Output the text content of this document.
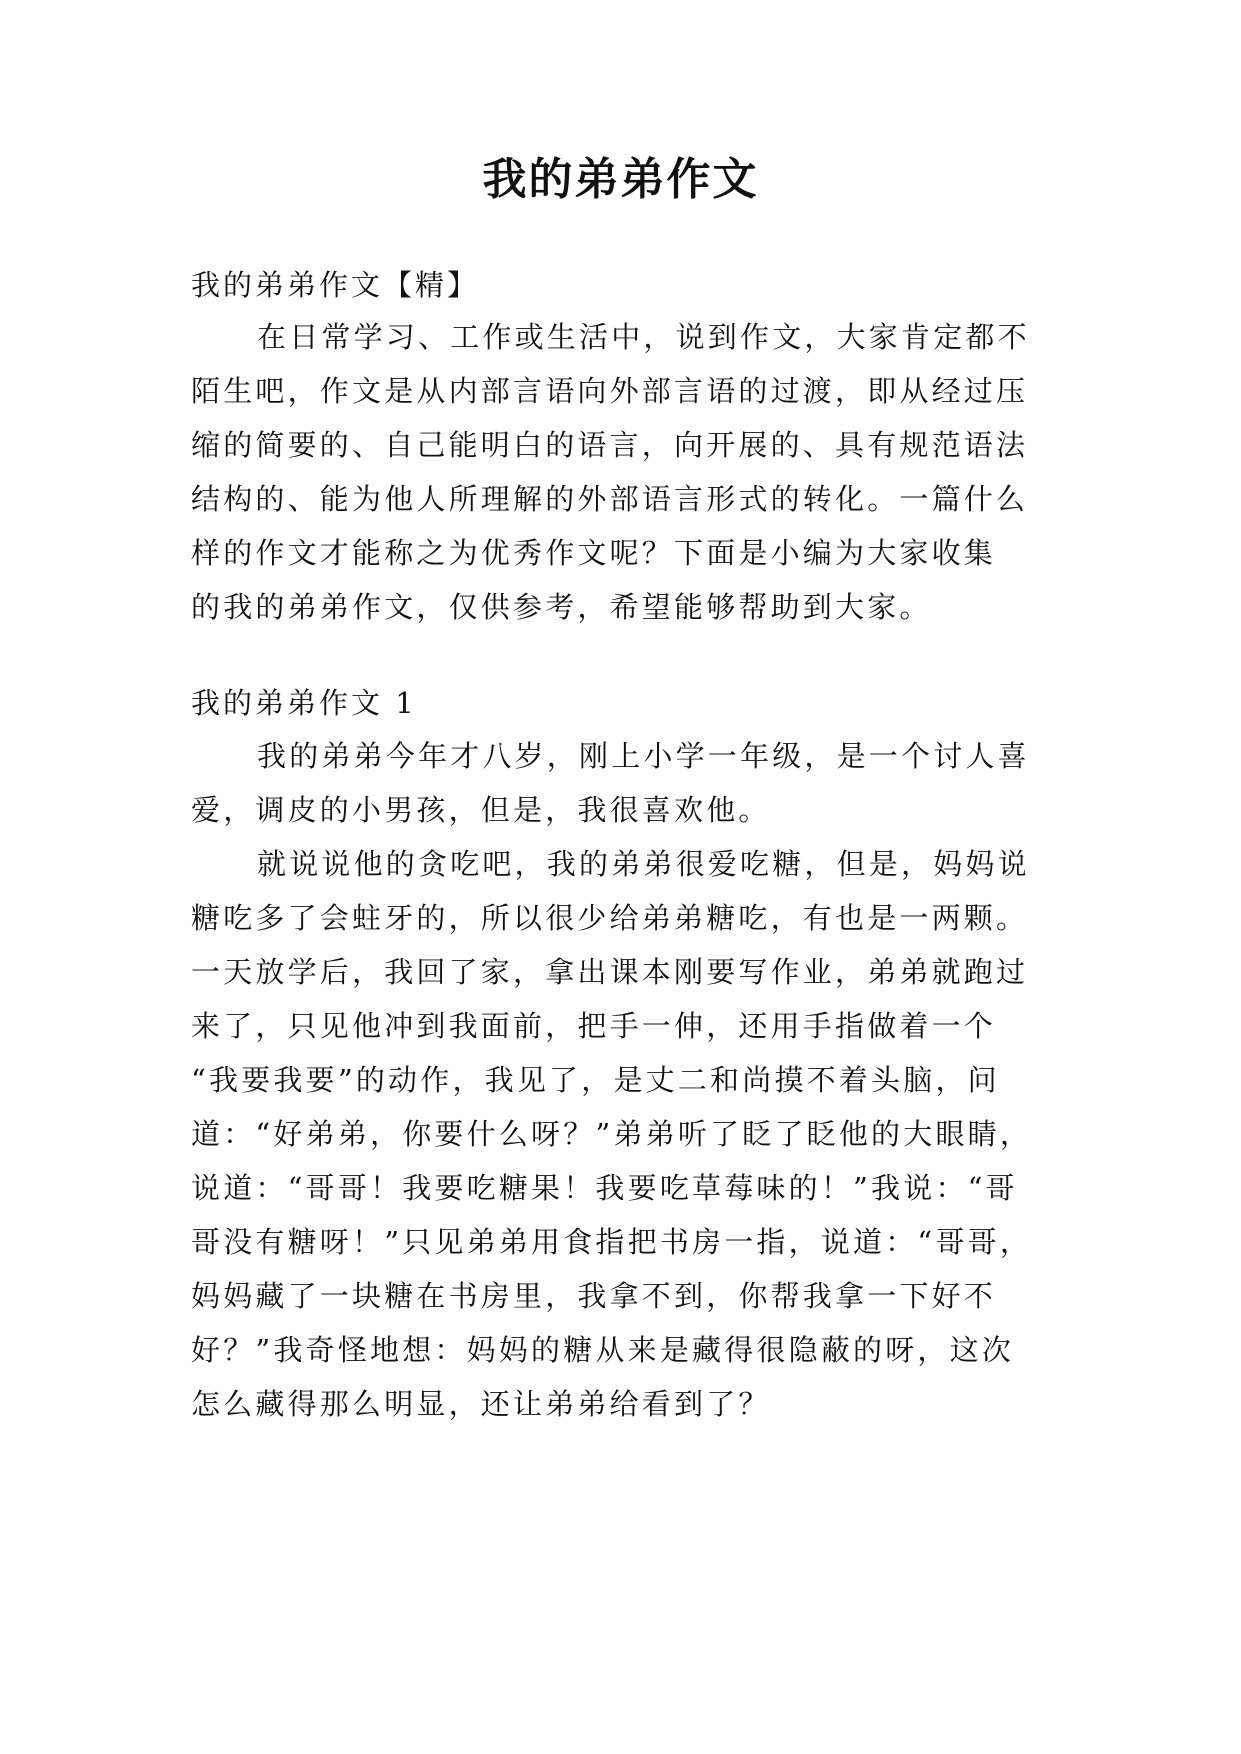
我的弟弟作文
我的弟弟作文【精】
在日常学习、工作或生活中，说到作文，大家肯定都不
陌生吧，作文是从内部言语向外部言语的过渡，即从经过压
缩的简要的、自己能明白的语言，向开展的、具有规范语法
结构的、能为他人所理解的外部语言形式的转化。一篇什么
样的作文才能称之为优秀作文呢？下面是小编为大家收集
的我的弟弟作文，仅供参考，希望能够帮助到大家。
我的弟弟作文 1
我的弟弟今年才八岁，刚上小学一年级，是一个讨人喜
爱，调皮的小男孩，但是，我很喜欢他。
就说说他的贪吃吧，我的弟弟很爱吃糖，但是，妈妈说
糖吃多了会蛀牙的，所以很少给弟弟糖吃，有也是一两颗。
一天放学后，我回了家，拿出课本刚要写作业，弟弟就跑过
来了，只见他冲到我面前，把手一伸，还用手指做着一个
“我要我要”的动作，我见了，是丈二和尚摸不着头脑，问
道：“好弟弟，你要什么呀？”弟弟听了眨了眨他的大眼睛，
说道：“哥哥！我要吃糖果！我要吃草莓味的！”我说：“哥
哥没有糖呀！”只见弟弟用食指把书房一指，说道：“哥哥，
妈妈藏了一块糖在书房里，我拿不到，你帮我拿一下好不
好？”我奇怪地想：妈妈的糖从来是藏得很隐蔽的呀，这次
怎么藏得那么明显，还让弟弟给看到了？
